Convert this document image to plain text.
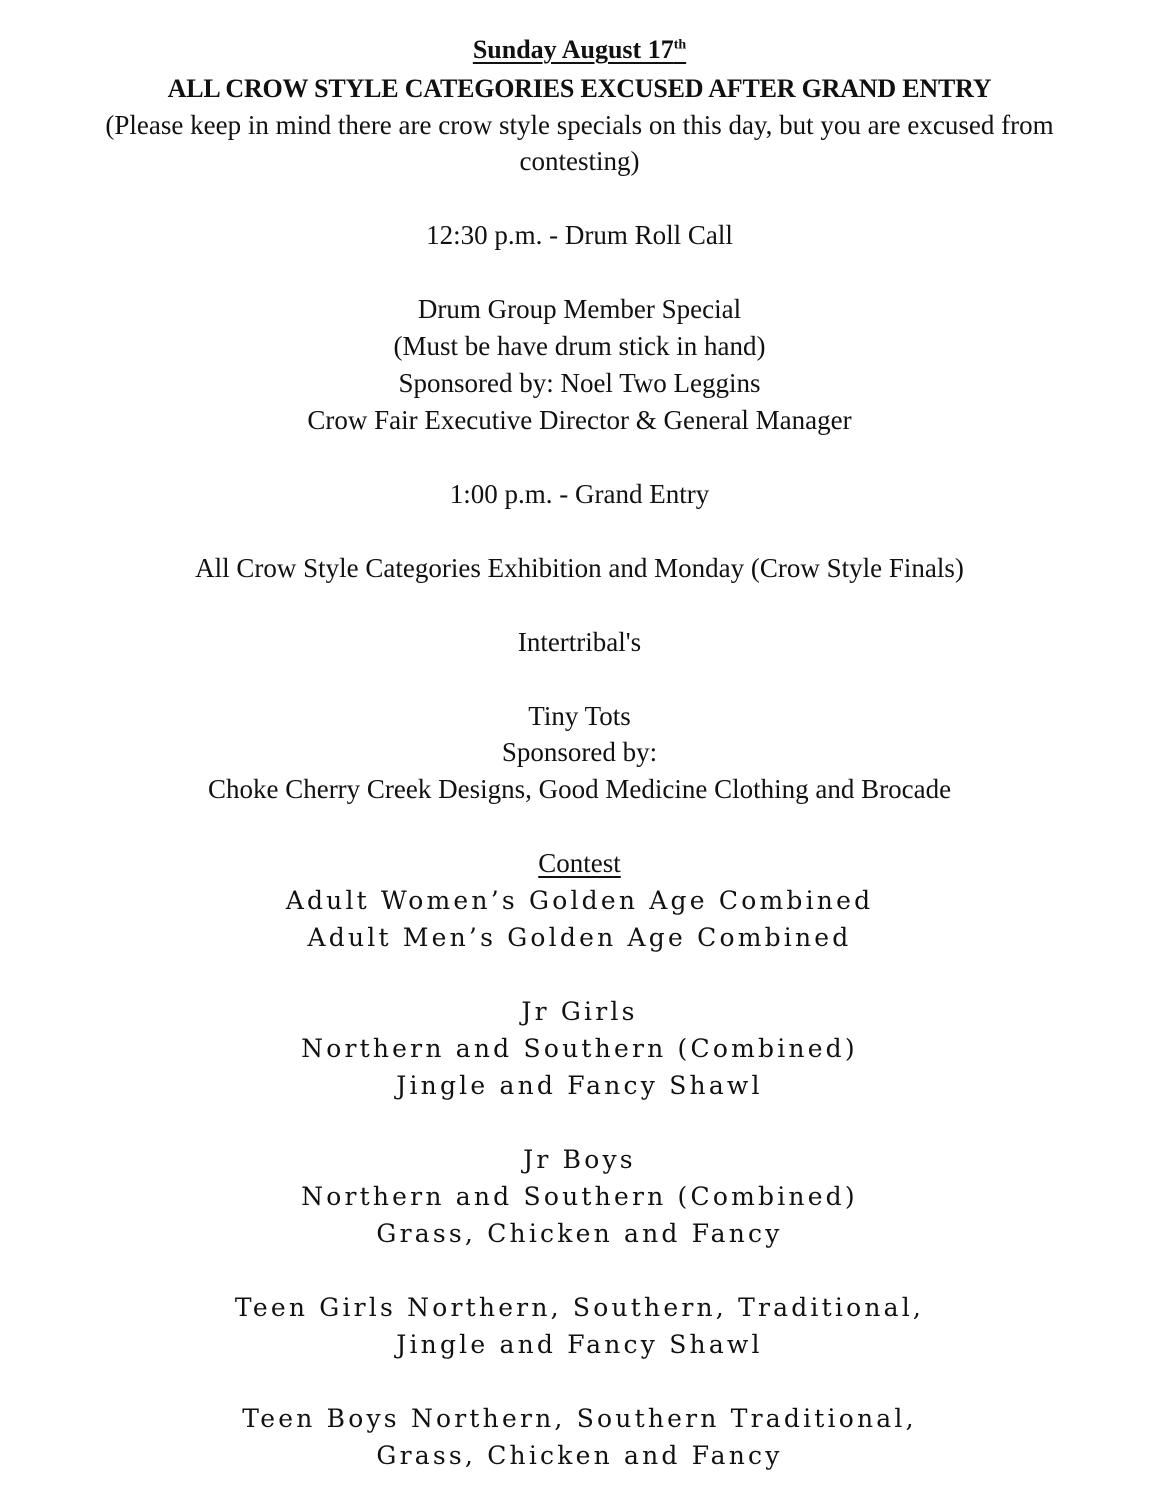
Sunday August 17th

ALL CROW STYLE CATEGORIES EXCUSED AFTER GRAND ENTRY

(Please keep in mind there are crow style specials on this day, but you are excused from

contesting)

12:30 p.m. - Drum Roll Call

Drum Group Member Special

(Must be have drum stick in hand)

Sponsored by: Noel Two Leggins

Crow Fair Executive Director & General Manager

1:00 p.m. - Grand Entry

All Crow Style Categories Exhibition and Monday (Crow Style Finals)

Intertribal's

Tiny Tots

Sponsored by:

Choke Cherry Creek Designs, Good Medicine Clothing and Brocade

Contest

Adult Women’s Golden Age Combined

Adult Men’s Golden Age Combined

Jr Girls

Northern and Southern (Combined)

Jingle and Fancy Shawl

Jr Boys

Northern and Southern (Combined)

Grass, Chicken and Fancy

Teen Girls Northern, Southern, Traditional,

Jingle and Fancy Shawl

Teen Boys Northern, Southern Traditional,

Grass, Chicken and Fancy
